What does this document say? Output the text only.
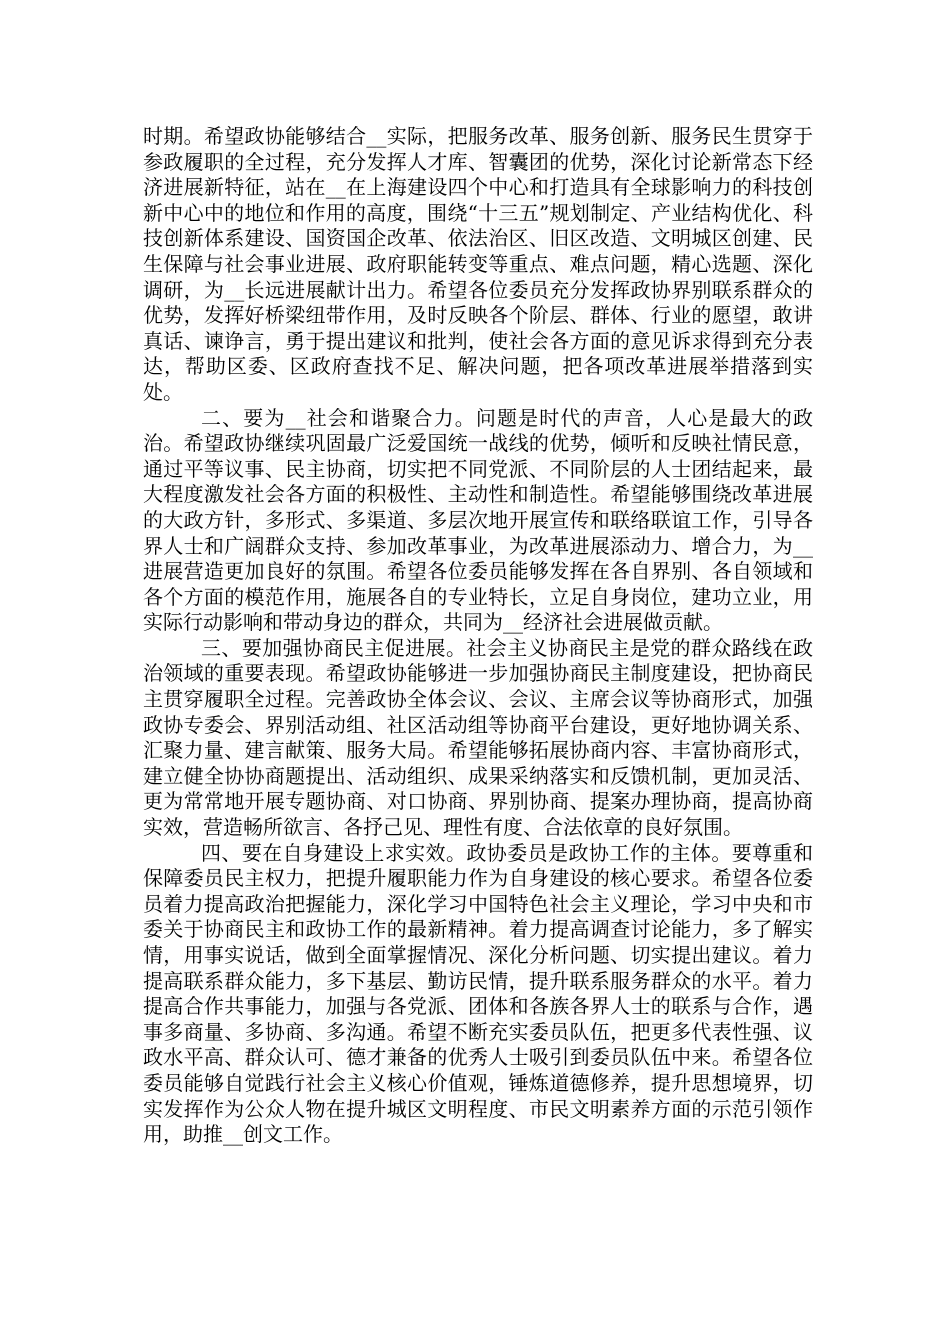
时期。希望政协能够结合__实际，把服务改革、服务创新、服务民生贯穿于参政履职的全过程，充分发挥人才库、智囊团的优势，深化讨论新常态下经济进展新特征，站在__在上海建设四个中心和打造具有全球影响力的科技创新中心中的地位和作用的高度，围绕“十三五”规划制定、产业结构优化、科技创新体系建设、国资国企改革、依法治区、旧区改造、文明城区创建、民生保障与社会事业进展、政府职能转变等重点、难点问题，精心选题、深化调研，为__长远进展献计出力。希望各位委员充分发挥政协界别联系群众的优势，发挥好桥梁纽带作用，及时反映各个阶层、群体、行业的愿望，敢讲真话、谏诤言，勇于提出建议和批判，使社会各方面的意见诉求得到充分表达，帮助区委、区政府查找不足、解决问题，把各项改革进展举措落到实处。

二、要为__社会和谐聚合力。问题是时代的声音，人心是最大的政治。希望政协继续巩固最广泛爱国统一战线的优势，倾听和反映社情民意，通过平等议事、民主协商，切实把不同党派、不同阶层的人士团结起来，最大程度激发社会各方面的积极性、主动性和制造性。希望能够围绕改革进展的大政方针，多形式、多渠道、多层次地开展宣传和联络联谊工作，引导各界人士和广阔群众支持、参加改革事业，为改革进展添动力、增合力，为__进展营造更加良好的氛围。希望各位委员能够发挥在各自界别、各自领域和各个方面的模范作用，施展各自的专业特长，立足自身岗位，建功立业，用实际行动影响和带动身边的群众，共同为__经济社会进展做贡献。

三、要加强协商民主促进展。社会主义协商民主是党的群众路线在政治领域的重要表现。希望政协能够进一步加强协商民主制度建设，把协商民主贯穿履职全过程。完善政协全体会议、会议、主席会议等协商形式，加强政协专委会、界别活动组、社区活动组等协商平台建设，更好地协调关系、汇聚力量、建言献策、服务大局。希望能够拓展协商内容、丰富协商形式，建立健全协协商题提出、活动组织、成果采纳落实和反馈机制，更加灵活、更为常常地开展专题协商、对口协商、界别协商、提案办理协商，提高协商实效，营造畅所欲言、各抒己见、理性有度、合法依章的良好氛围。

四、要在自身建设上求实效。政协委员是政协工作的主体。要尊重和保障委员民主权力，把提升履职能力作为自身建设的核心要求。希望各位委员着力提高政治把握能力，深化学习中国特色社会主义理论，学习中央和市委关于协商民主和政协工作的最新精神。着力提高调查讨论能力，多了解实情，用事实说话，做到全面掌握情况、深化分析问题、切实提出建议。着力提高联系群众能力，多下基层、勤访民情，提升联系服务群众的水平。着力提高合作共事能力，加强与各党派、团体和各族各界人士的联系与合作，遇事多商量、多协商、多沟通。希望不断充实委员队伍，把更多代表性强、议政水平高、群众认可、德才兼备的优秀人士吸引到委员队伍中来。希望各位委员能够自觉践行社会主义核心价值观，锤炼道德修养，提升思想境界，切实发挥作为公众人物在提升城区文明程度、市民文明素养方面的示范引领作用，助推__创文工作。
